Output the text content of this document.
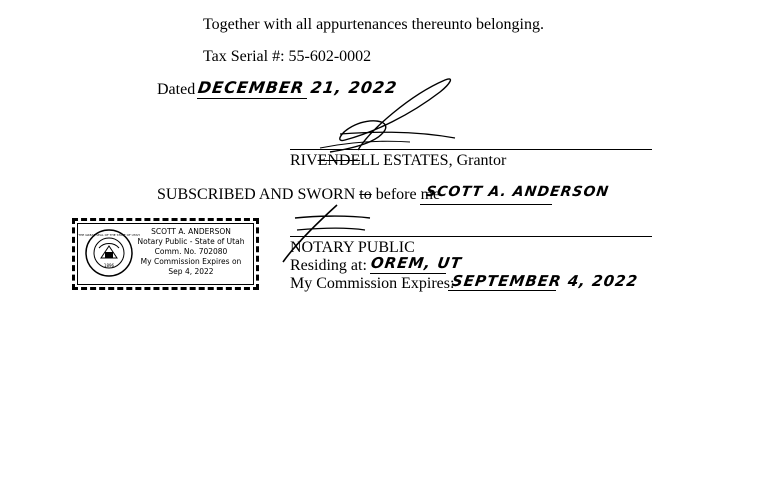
Together with all appurtenances thereunto belonging.
Tax Serial #: 55-602-0002
Dated DECEMBER 21, 2022
RIVENDELL ESTATES, Grantor
SUBSCRIBED AND SWORN to before me
SCOTT A. ANDERSON
NOTARY PUBLIC
Residing at: OREM, UT
My Commission Expires:
SEPTEMBER 4, 2022
1896
THE GREAT SEAL OF THE STATE OF UTAH	SCOTT A. ANDERSON
Notary Public - State of Utah
Comm. No. 702080
My Commission Expires on
Sep 4, 2022
